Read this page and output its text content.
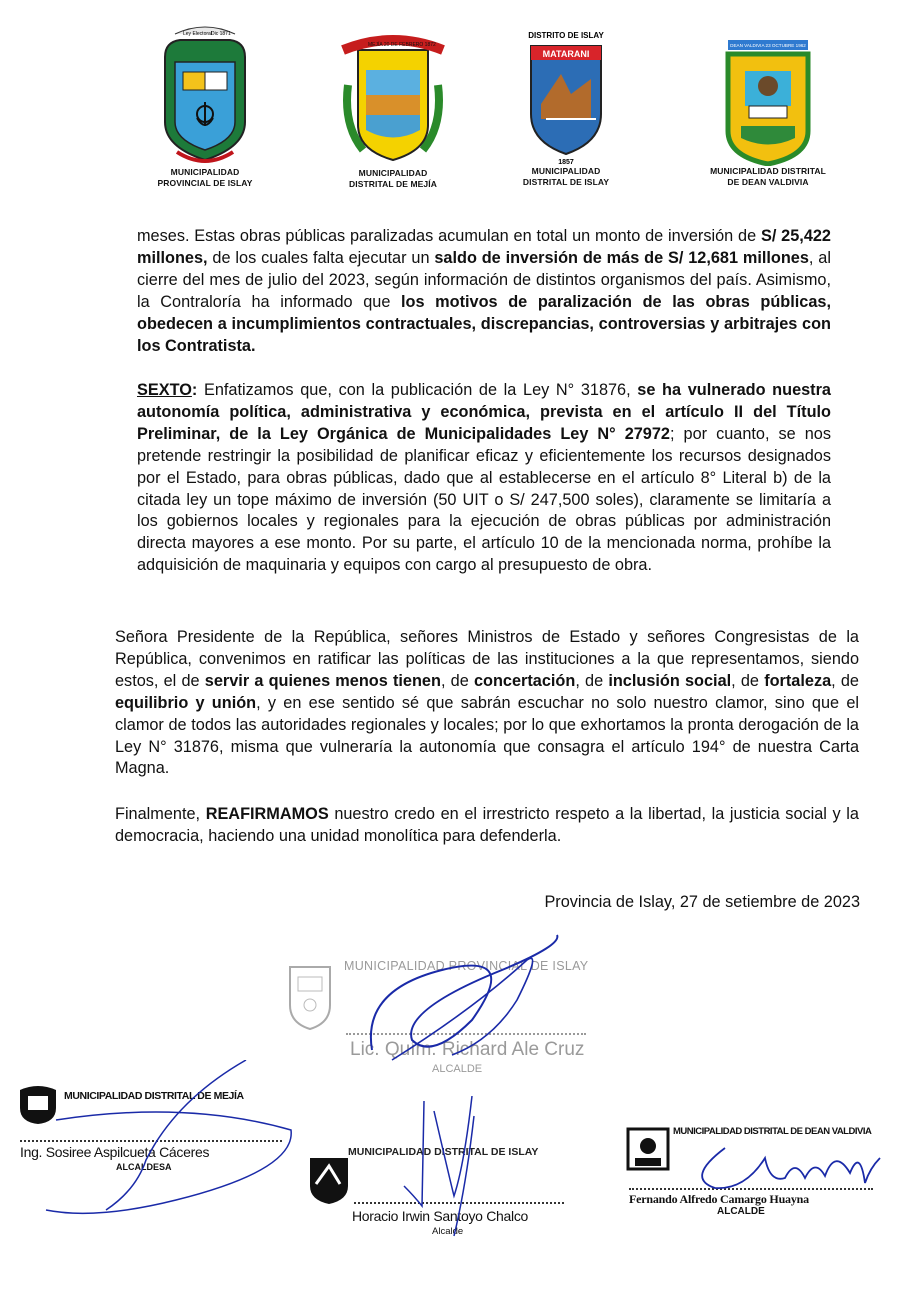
Ley Electoral Dic 1871
MUNICIPALIDAD
PROVINCIAL DE ISLAY
MEJÍA 20 DE FEBRERO 1872
MUNICIPALIDAD
DISTRITAL DE MEJÍA
DISTRITO DE ISLAY
MATARANI
1857
MUNICIPALIDAD
DISTRITAL DE ISLAY
DEAN VALDIVIA 23 OCTUBRE 1962
MUNICIPALIDAD DISTRITAL
DE DEAN VALDIVIA

meses. Estas obras públicas paralizadas acumulan en total un monto de inversión de S/ 25,422 millones, de los cuales falta ejecutar un saldo de inversión de más de S/ 12,681 millones, al cierre del mes de julio del 2023, según información de distintos organismos del país. Asimismo, la Contraloría ha informado que los motivos de paralización de las obras públicas, obedecen a incumplimientos contractuales, discrepancias, controversias y arbitrajes con los Contratista.

SEXTO: Enfatizamos que, con la publicación de la Ley N° 31876, se ha vulnerado nuestra autonomía política, administrativa y económica, prevista en el artículo II del Título Preliminar, de la Ley Orgánica de Municipalidades Ley N° 27972; por cuanto, se nos pretende restringir la posibilidad de planificar eficaz y eficientemente los recursos designados por el Estado, para obras públicas, dado que al establecerse en el artículo 8° Literal b) de la citada ley un tope máximo de inversión (50 UIT o S/ 247,500 soles), claramente se limitaría a los gobiernos locales y regionales para la ejecución de obras públicas por administración directa mayores a ese monto. Por su parte, el artículo 10 de la mencionada norma, prohíbe la adquisición de maquinaria y equipos con cargo al presupuesto de obra.

Señora Presidente de la República, señores Ministros de Estado y señores Congresistas de la República, convenimos en ratificar las políticas de las instituciones a la que representamos, siendo estos, el de servir a quienes menos tienen, de concertación, de inclusión social, de fortaleza, de equilibrio y unión, y en ese sentido sé que sabrán escuchar no solo nuestro clamor, sino que el clamor de todos las autoridades regionales y locales; por lo que exhortamos la pronta derogación de la Ley N° 31876, misma que vulneraría la autonomía que consagra el artículo 194° de nuestra Carta Magna.

Finalmente, REAFIRMAMOS nuestro credo en el irrestricto respeto a la libertad, la justicia social y la democracia, haciendo una unidad monolítica para defenderla.

Provincia de Islay, 27 de setiembre de 2023
MUNICIPALIDAD PROVINCIAL DE ISLAY
Lic. Quím. Richard Ale Cruz
ALCALDE
MUNICIPALIDAD DISTRITAL DE MEJÍA
Ing. Sosiree Aspilcueta Cáceres
ALCALDESA
MUNICIPALIDAD DISTRITAL DE ISLAY
Horacio Irwin Santoyo Chalco
Alcalde
MUNICIPALIDAD DISTRITAL DE DEAN VALDIVIA
Fernando Alfredo Camargo Huayna
ALCALDE
